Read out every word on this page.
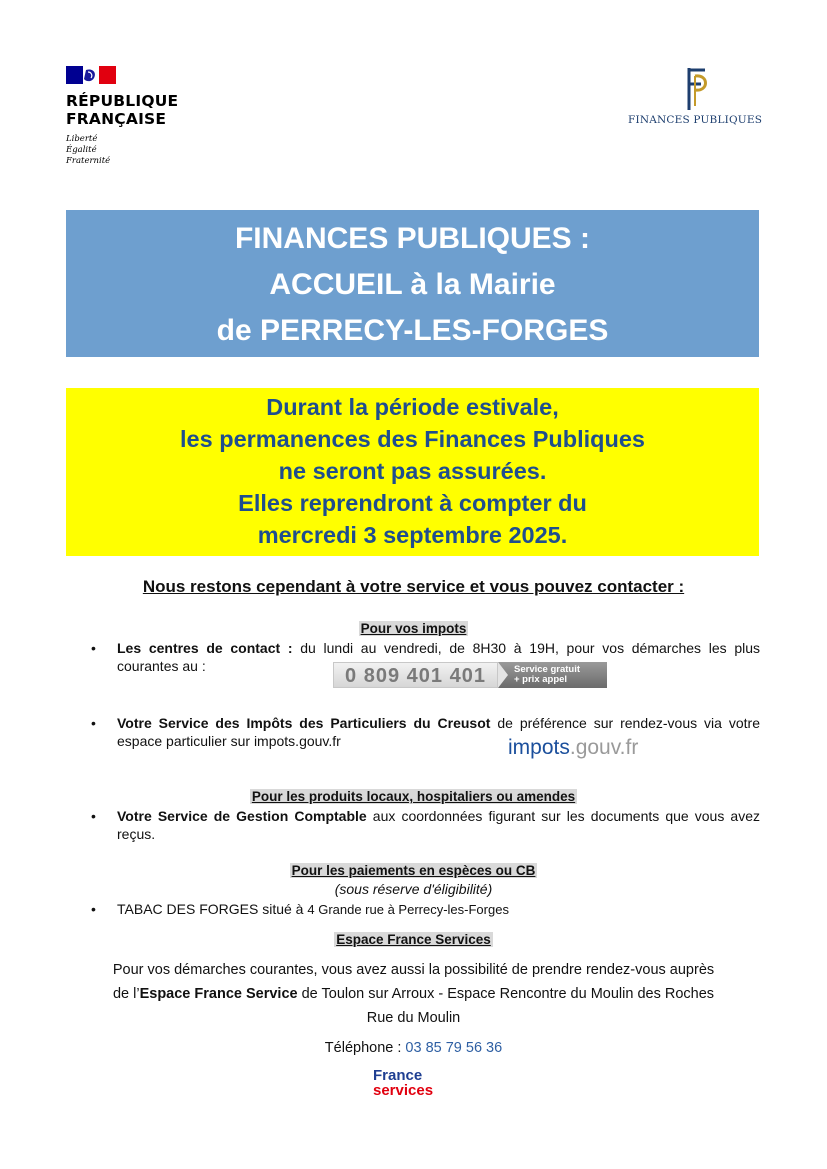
RÉPUBLIQUE
FRANÇAISE
Liberté
Égalité
Fraternité
FINANCES PUBLIQUES
FINANCES PUBLIQUES :
ACCUEIL à la Mairie
de PERRECY-LES-FORGES
Durant la période estivale,
les permanences des Finances Publiques
ne seront pas assurées.
Elles reprendront à compter du
mercredi 3 septembre 2025.
Nous restons cependant à votre service et vous pouvez contacter :
Pour vos impots
• Les centres de contact : du lundi au vendredi, de 8H30 à 19H, pour vos démarches les plus courantes au :	0 809 401 401	Service gratuit
+ prix appel
• Votre Service des Impôts des Particuliers du Creusot de préférence sur rendez-vous via votre espace particulier sur impots.gouv.fr	impots.gouv.fr
Pour les produits locaux, hospitaliers ou amendes
• Votre Service de Gestion Comptable aux coordonnées figurant sur les documents que vous avez reçus.
Pour les paiements en espèces ou CB
(sous réserve d'éligibilité)
• TABAC DES FORGES situé à 4 Grande rue à Perrecy-les-Forges
Espace France Services
Pour vos démarches courantes, vous avez aussi la possibilité de prendre rendez-vous auprès
de l’Espace France Service de Toulon sur Arroux - Espace Rencontre du Moulin des Roches
Rue du Moulin
Téléphone : 03 85 79 56 36
France
services
